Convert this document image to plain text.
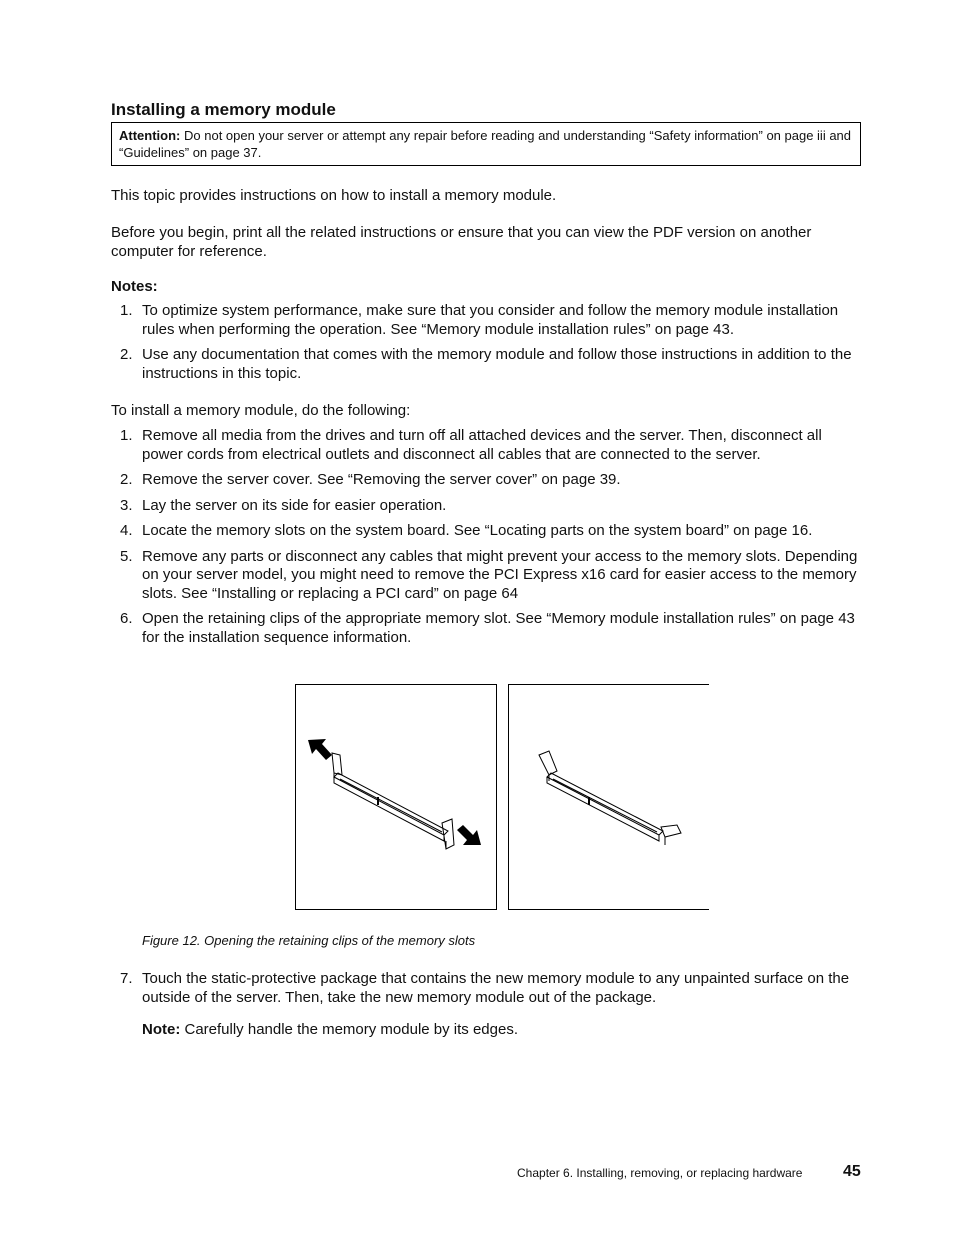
Installing a memory module
Attention: Do not open your server or attempt any repair before reading and understanding “Safety information” on page iii and “Guidelines” on page 37.
This topic provides instructions on how to install a memory module.
Before you begin, print all the related instructions or ensure that you can view the PDF version on another computer for reference.
Notes:
1. To optimize system performance, make sure that you consider and follow the memory module installation rules when performing the operation. See “Memory module installation rules” on page 43.
2. Use any documentation that comes with the memory module and follow those instructions in addition to the instructions in this topic.
To install a memory module, do the following:
1. Remove all media from the drives and turn off all attached devices and the server. Then, disconnect all power cords from electrical outlets and disconnect all cables that are connected to the server.
2. Remove the server cover. See “Removing the server cover” on page 39.
3. Lay the server on its side for easier operation.
4. Locate the memory slots on the system board. See “Locating parts on the system board” on page 16.
5. Remove any parts or disconnect any cables that might prevent your access to the memory slots. Depending on your server model, you might need to remove the PCI Express x16 card for easier access to the memory slots. See “Installing or replacing a PCI card” on page 64
6. Open the retaining clips of the appropriate memory slot. See “Memory module installation rules” on page 43 for the installation sequence information.
Figure 12. Opening the retaining clips of the memory slots
7. Touch the static-protective package that contains the new memory module to any unpainted surface on the outside of the server. Then, take the new memory module out of the package.
Note: Carefully handle the memory module by its edges.
Chapter 6. Installing, removing, or replacing hardware	45
